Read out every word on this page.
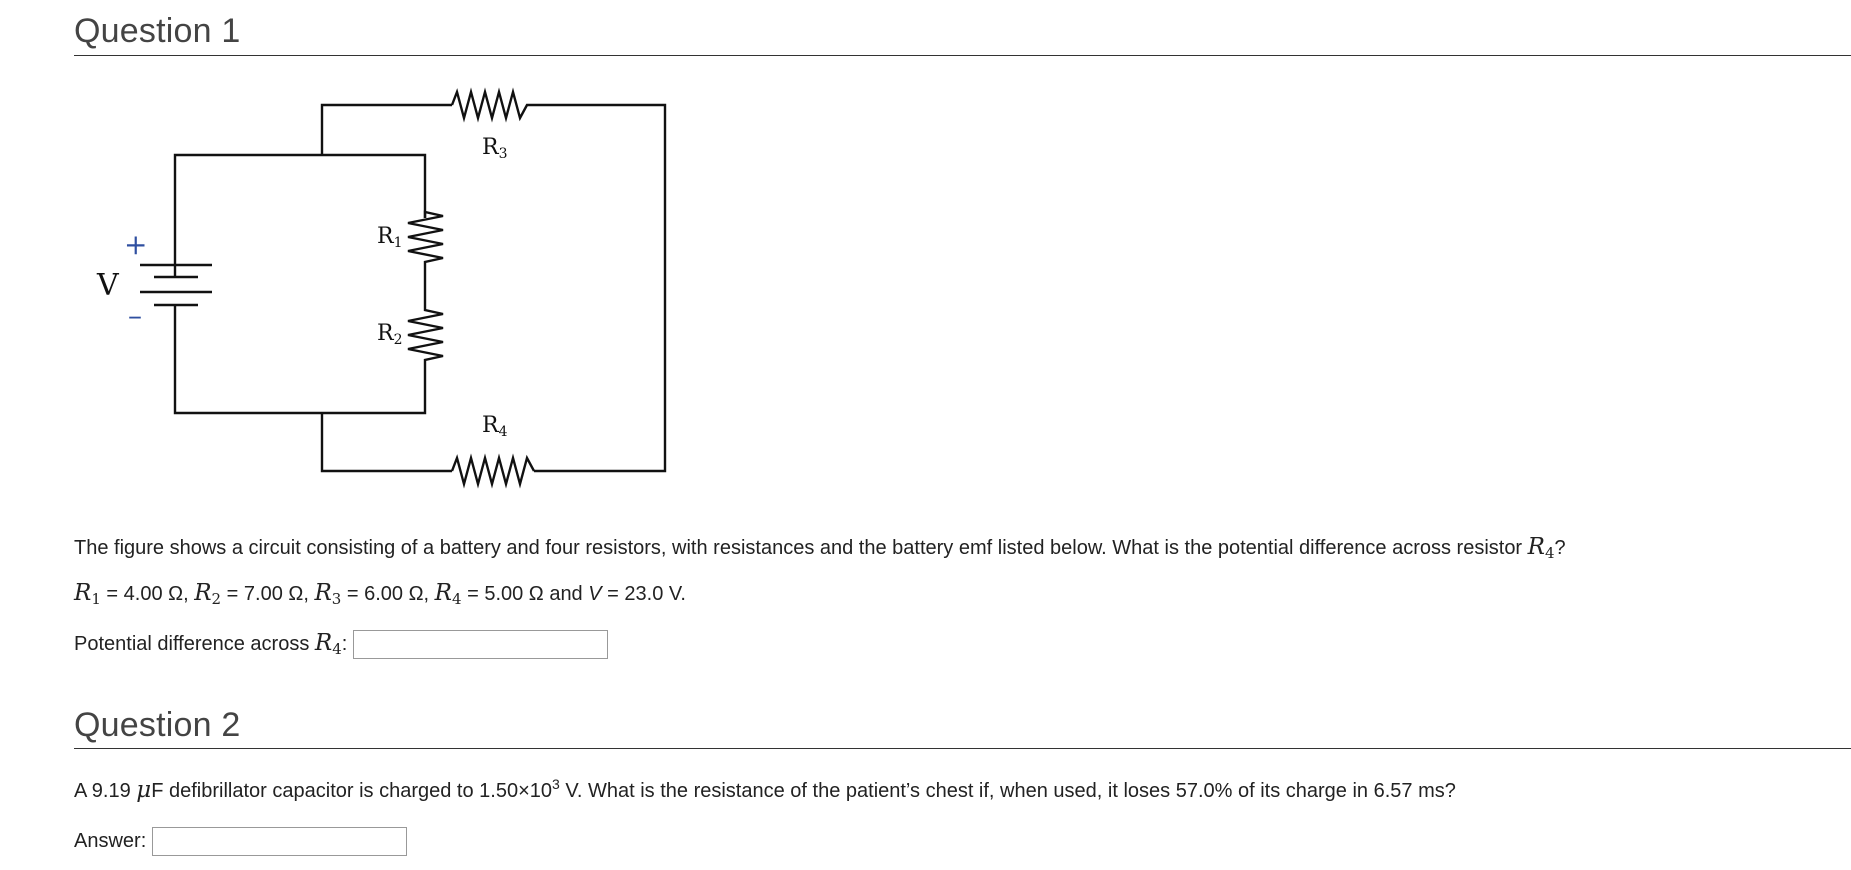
Question 1
V
+
–
R1
R2
R3
R4
The figure shows a circuit consisting of a battery and four resistors, with resistances and the battery emf listed below. What is the potential difference across resistor $R_4$?
$R_1 = 4.00$ Ω, $R_2 = 7.00$ Ω, $R_3 = 6.00$ Ω, $R_4 = 5.00$ Ω and V = 23.0 V.
Potential difference across $R_4$:
Question 2
A 9.19 μF defibrillator capacitor is charged to $1.50\times 10^3$ V. What is the resistance of the patient’s chest if, when used, it loses 57.0% of its charge in 6.57 ms?
Answer:
